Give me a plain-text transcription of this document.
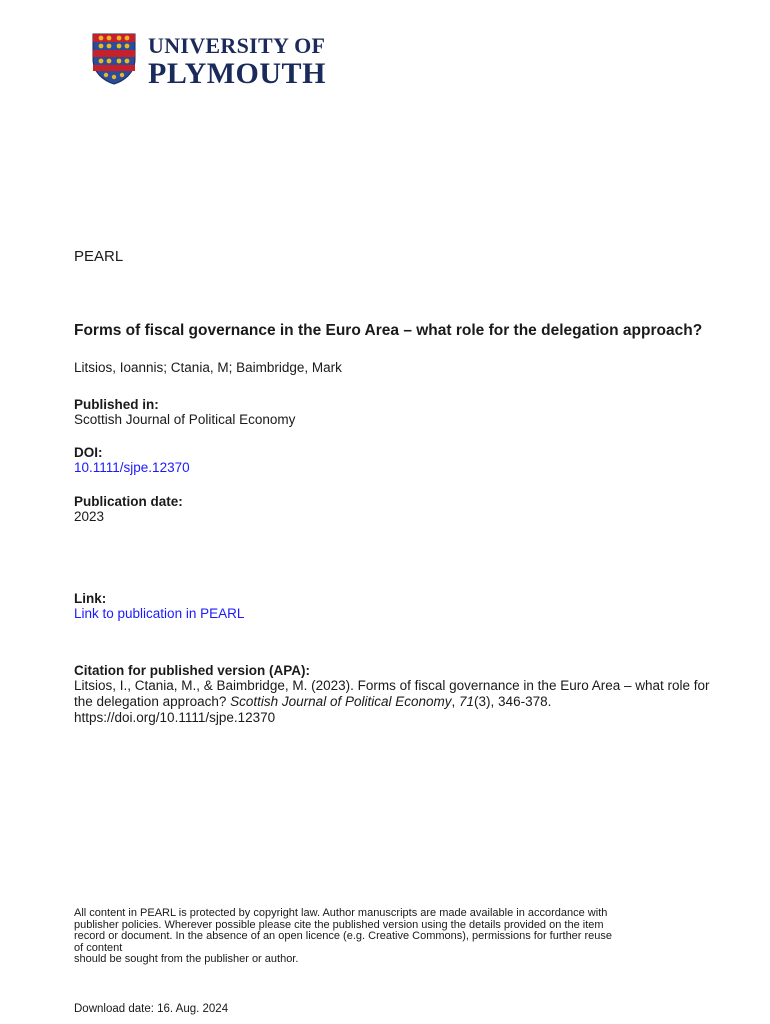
UNIVERSITY OF
PLYMOUTH
PEARL
Forms of fiscal governance in the Euro Area – what role for the delegation approach?
Litsios, Ioannis; Ctania, M; Baimbridge, Mark
Published in:
Scottish Journal of Political Economy
DOI:
10.1111/sjpe.12370
Publication date:
2023
Link:
Link to publication in PEARL
Citation for published version (APA):
Litsios, I., Ctania, M., & Baimbridge, M. (2023). Forms of fiscal governance in the Euro Area – what role for the delegation approach? Scottish Journal of Political Economy, 71(3), 346-378. https://doi.org/10.1111/sjpe.12370
All content in PEARL is protected by copyright law. Author manuscripts are made available in accordance with
publisher policies. Wherever possible please cite the published version using the details provided on the item
record or document. In the absence of an open licence (e.g. Creative Commons), permissions for further reuse
of content
should be sought from the publisher or author.
Download date: 16. Aug. 2024
